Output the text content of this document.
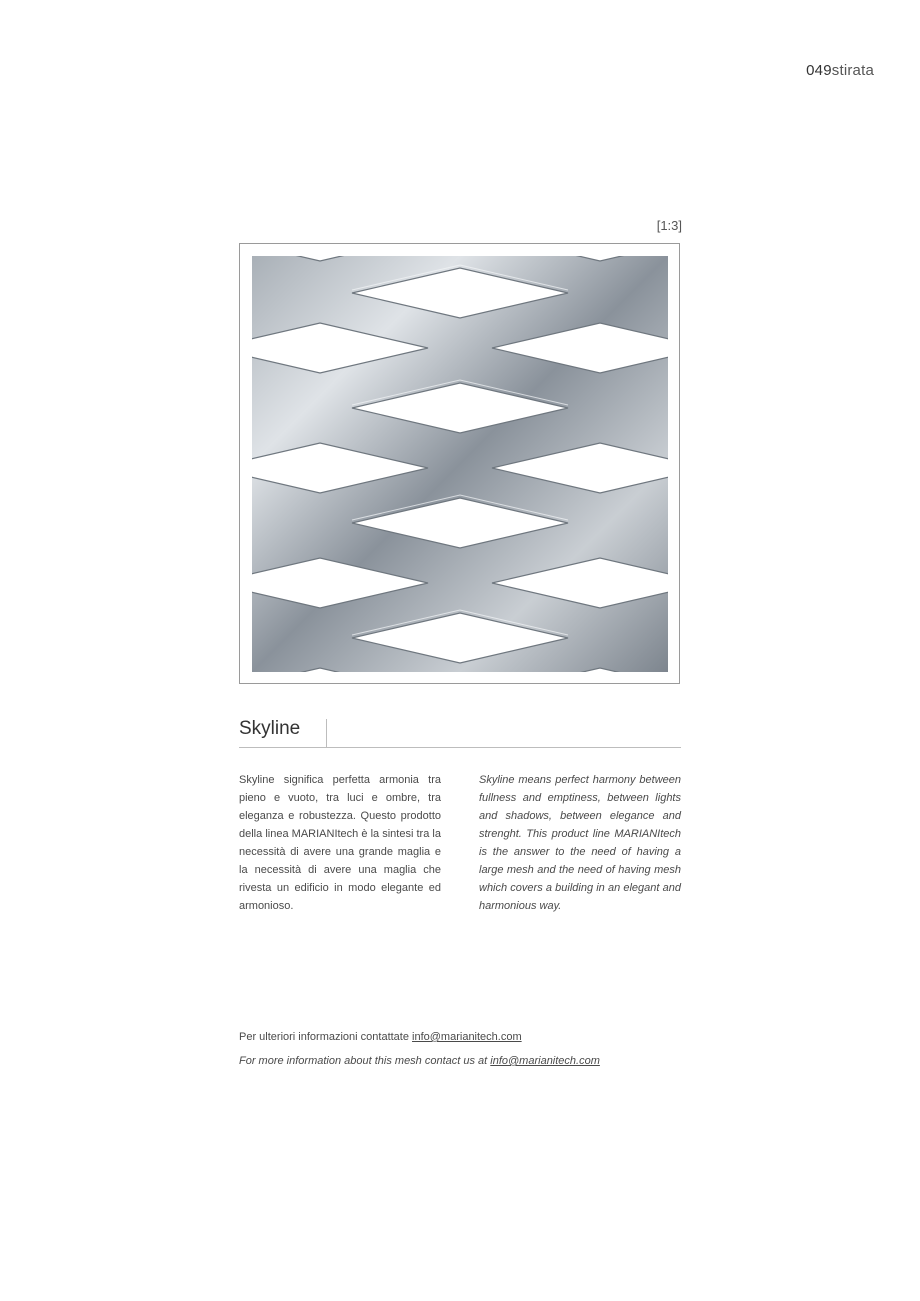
049stirata
[1:3]
Skyline
Skyline significa perfetta armonia tra pieno e vuoto, tra luci e ombre, tra eleganza e robustezza. Questo prodotto della linea MARIANItech è la sintesi tra la necessità di avere una grande maglia e la necessità di avere una maglia che rivesta un edificio in modo elegante ed armonioso.
Skyline means perfect harmony between fullness and emptiness, between lights and shadows, between elegance and strenght. This product line MARIANItech is the answer to the need of having a large mesh and the need of having mesh which covers a building in an elegant and harmonious way.
Per ulteriori informazioni contattate info@marianitech.com
For more information about this mesh contact us at info@marianitech.com
